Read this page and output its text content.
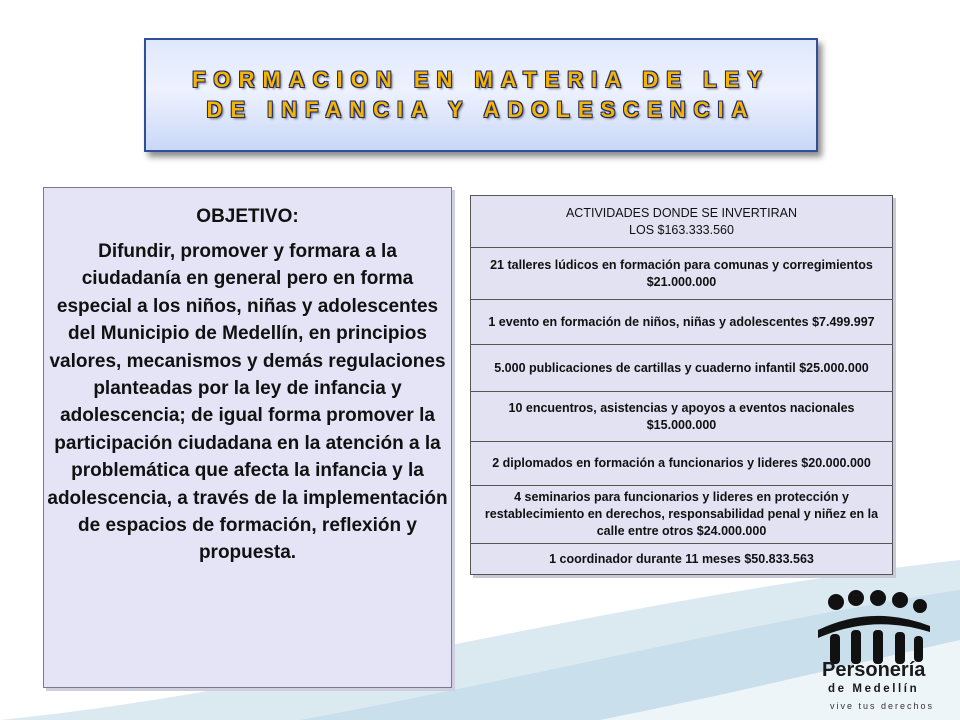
FORMACION EN MATERIA DE LEY
DE INFANCIA Y ADOLESCENCIA
OBJETIVO:
Difundir, promover y formara a la ciudadanía en general pero en forma especial a los niños, niñas y adolescentes del Municipio de Medellín, en principios valores, mecanismos y demás regulaciones planteadas por la ley de infancia y adolescencia; de igual forma promover la participación ciudadana en la atención a la problemática que afecta la infancia y la adolescencia, a través de la implementación de espacios de formación, reflexión y propuesta.
ACTIVIDADES DONDE SE INVERTIRAN
LOS $163.333.560
21 talleres lúdicos en formación para comunas y corregimientos $21.000.000
1 evento en formación de niños, niñas y adolescentes $7.499.997
5.000 publicaciones de cartillas y cuaderno infantil $25.000.000
10 encuentros, asistencias y apoyos a eventos nacionales $15.000.000
2 diplomados en formación a funcionarios y lideres $20.000.000
4 seminarios para funcionarios y lideres en protección y restablecimiento en derechos, responsabilidad penal y niñez en la calle entre otros $24.000.000
1 coordinador durante 11 meses $50.833.563
Personería
de Medellín
vive tus derechos
